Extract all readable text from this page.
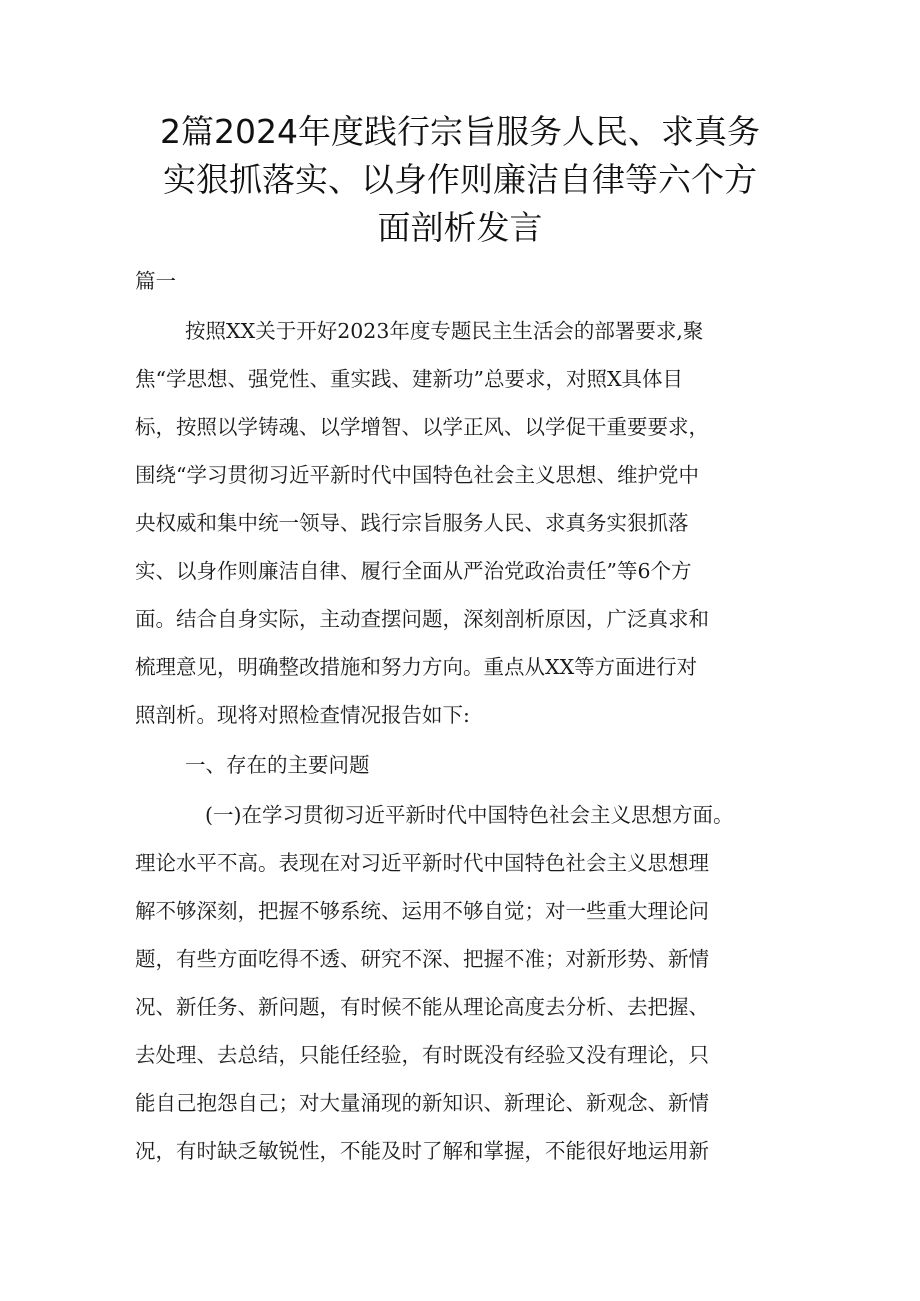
2篇2024年度践行宗旨服务人民、求真务
实狠抓落实、以身作则廉洁自律等六个方
面剖析发言
篇一
按照XX关于开好2023年度专题民主生活会的部署要求,聚
焦“学思想、强党性、重实践、建新功”总要求，对照X具体目
标，按照以学铸魂、以学增智、以学正风、以学促干重要要求，
围绕“学习贯彻习近平新时代中国特色社会主义思想、维护党中
央权威和集中统一领导、践行宗旨服务人民、求真务实狠抓落
实、以身作则廉洁自律、履行全面从严治党政治责任”等6个方
面。结合自身实际，主动查摆问题，深刻剖析原因，广泛真求和
梳理意见，明确整改措施和努力方向。重点从XX等方面进行对
照剖析。现将对照检查情况报告如下:
一、存在的主要问题
(一)在学习贯彻习近平新时代中国特色社会主义思想方面。
理论水平不高。表现在对习近平新时代中国特色社会主义思想理
解不够深刻，把握不够系统、运用不够自觉；对一些重大理论问
题，有些方面吃得不透、研究不深、把握不准；对新形势、新情
况、新任务、新问题，有时候不能从理论高度去分析、去把握、
去处理、去总结，只能任经验，有时既没有经验又没有理论，只
能自己抱怨自己；对大量涌现的新知识、新理论、新观念、新情
况，有时缺乏敏锐性，不能及时了解和掌握，不能很好地运用新
